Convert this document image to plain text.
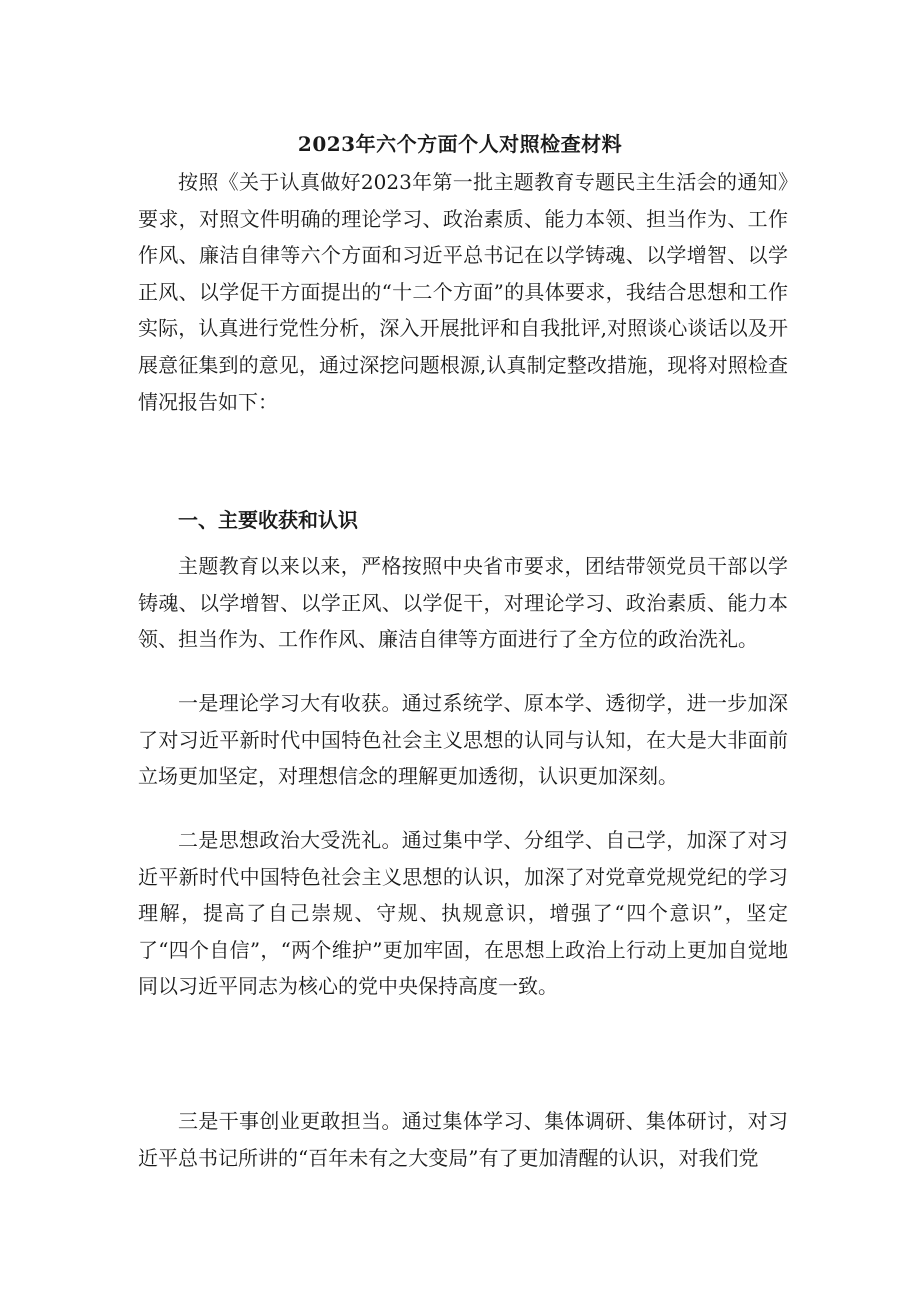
2023年六个方面个人对照检查材料

按照《关于认真做好2023年第一批主题教育专题民主生活会的通知》要求，对照文件明确的理论学习、政治素质、能力本领、担当作为、工作作风、廉洁自律等六个方面和习近平总书记在以学铸魂、以学增智、以学正风、以学促干方面提出的“十二个方面”的具体要求，我结合思想和工作实际，认真进行党性分析，深入开展批评和自我批评,对照谈心谈话以及开展意征集到的意见，通过深挖问题根源,认真制定整改措施，现将对照检查情况报告如下：

一、主要收获和认识

主题教育以来以来，严格按照中央省市要求，团结带领党员干部以学铸魂、以学增智、以学正风、以学促干，对理论学习、政治素质、能力本领、担当作为、工作作风、廉洁自律等方面进行了全方位的政治洗礼。

一是理论学习大有收获。通过系统学、原本学、透彻学，进一步加深了对习近平新时代中国特色社会主义思想的认同与认知，在大是大非面前立场更加坚定，对理想信念的理解更加透彻，认识更加深刻。

二是思想政治大受洗礼。通过集中学、分组学、自己学，加深了对习近平新时代中国特色社会主义思想的认识，加深了对党章党规党纪的学习理解，提高了自己崇规、守规、执规意识，增强了“四个意识”，坚定了“四个自信”，“两个维护”更加牢固，在思想上政治上行动上更加自觉地同以习近平同志为核心的党中央保持高度一致。

三是干事创业更敢担当。通过集体学习、集体调研、集体研讨，对习近平总书记所讲的“百年未有之大变局”有了更加清醒的认识，对我们党
